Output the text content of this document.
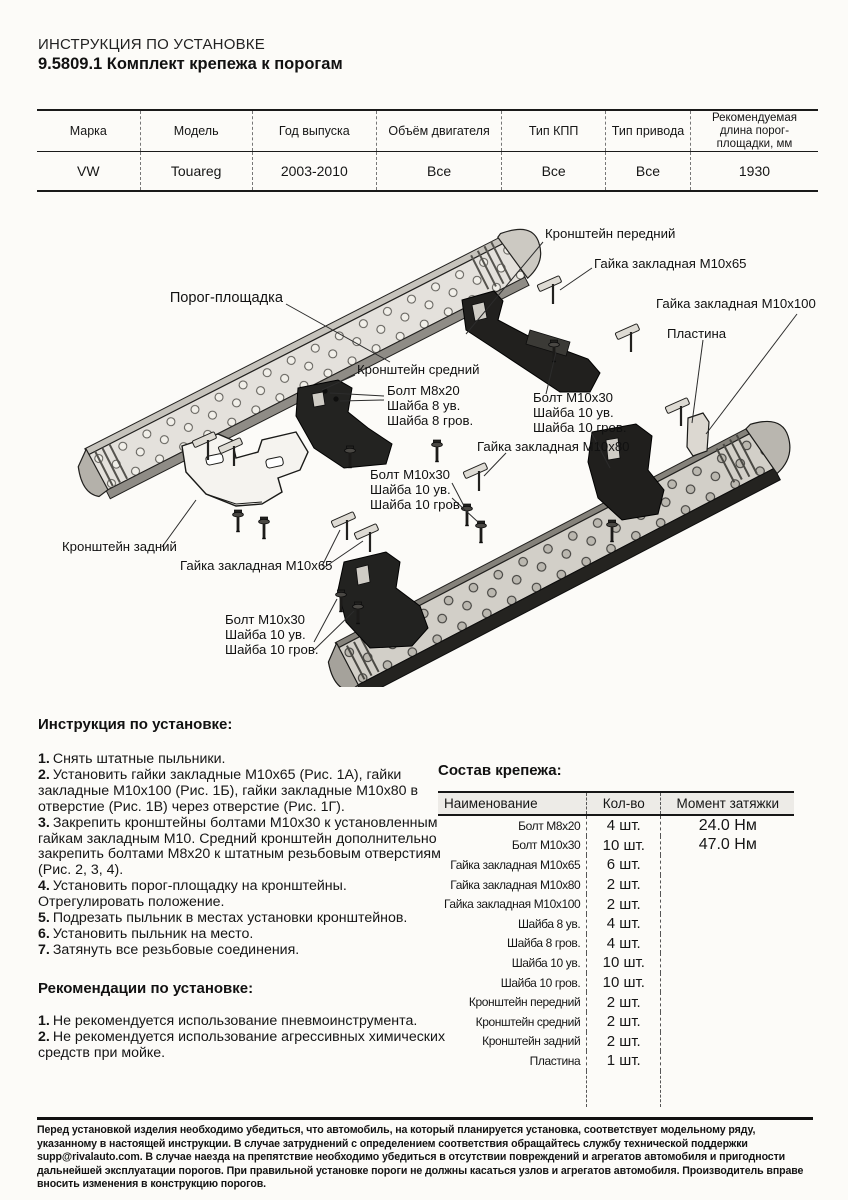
ИНСТРУКЦИЯ ПО УСТАНОВКЕ
9.5809.1 Комплект крепежа к порогам
Марка	Модель	Год выпуска	Объём двигателя	Тип КПП	Тип привода	Рекомендуемая длина порог-площадки, мм
VW	Touareg	2003-2010	Все	Все	Все	1930
Порог-площадка
Кронштейн передний
Гайка закладная М10х65
Гайка закладная М10х100
Пластина
Кронштейн средний
Болт М8х20
Шайба 8 ув.
Шайба 8 гров.
Болт М10х30
Шайба 10 ув.
Шайба 10 гров.
Гайка закладная М10х80
Болт М10х30
Шайба 10 ув.
Шайба 10 гров.
Кронштейн задний
Гайка закладная М10х65
Болт М10х30
Шайба 10 ув.
Шайба 10 гров.
Инструкция по установке:

1. Снять штатные пыльники.

2. Установить гайки закладные М10х65 (Рис. 1А), гайки закладные М10х100 (Рис. 1Б), гайки закладные М10х80 в отверстие (Рис. 1В) через отверстие (Рис. 1Г).

3. Закрепить кронштейны болтами М10х30 к установленным гайкам закладным М10. Средний кронштейн дополнительно закрепить болтами М8х20 к штатным резьбовым отверстиям (Рис. 2, 3, 4).

4. Установить порог-площадку на кронштейны. Отрегулировать положение.

5. Подрезать пыльник в местах установки кронштейнов.

6. Установить пыльник на место.

7. Затянуть все резьбовые соединения.

Рекомендации по установке:

1. Не рекомендуется использование пневмоинструмента.

2. Не рекомендуется использование агрессивных химических средств при мойке.

Состав крепежа:
Наименование	Кол-во	Момент затяжки
Болт М8х20	4 шт.	24.0 Нм
Болт М10х30	10 шт.	47.0 Нм
Гайка закладная М10х65	6 шт.	
Гайка закладная М10х80	2 шт.	
Гайка закладная М10х100	2 шт.	
Шайба 8 ув.	4 шт.	
Шайба 8 гров.	4 шт.	
Шайба 10 ув.	10 шт.	
Шайба 10 гров.	10 шт.	
Кронштейн передний	2 шт.	
Кронштейн средний	2 шт.	
Кронштейн задний	2 шт.	
Пластина	1 шт.	

Перед установкой изделия необходимо убедиться, что автомобиль, на который планируется установка, соответствует модельному ряду, указанному в настоящей инструкции. В случае затруднений с определением соответствия обращайтесь службу технической поддержки supp@rivalauto.com. В случае наезда на препятствие необходимо убедиться в отсутствии повреждений и агрегатов автомобиля и пригодности дальнейшей эксплуатации порогов. При правильной установке пороги не должны касаться узлов и агрегатов автомобиля. Производитель вправе вносить изменения в конструкцию порогов.
